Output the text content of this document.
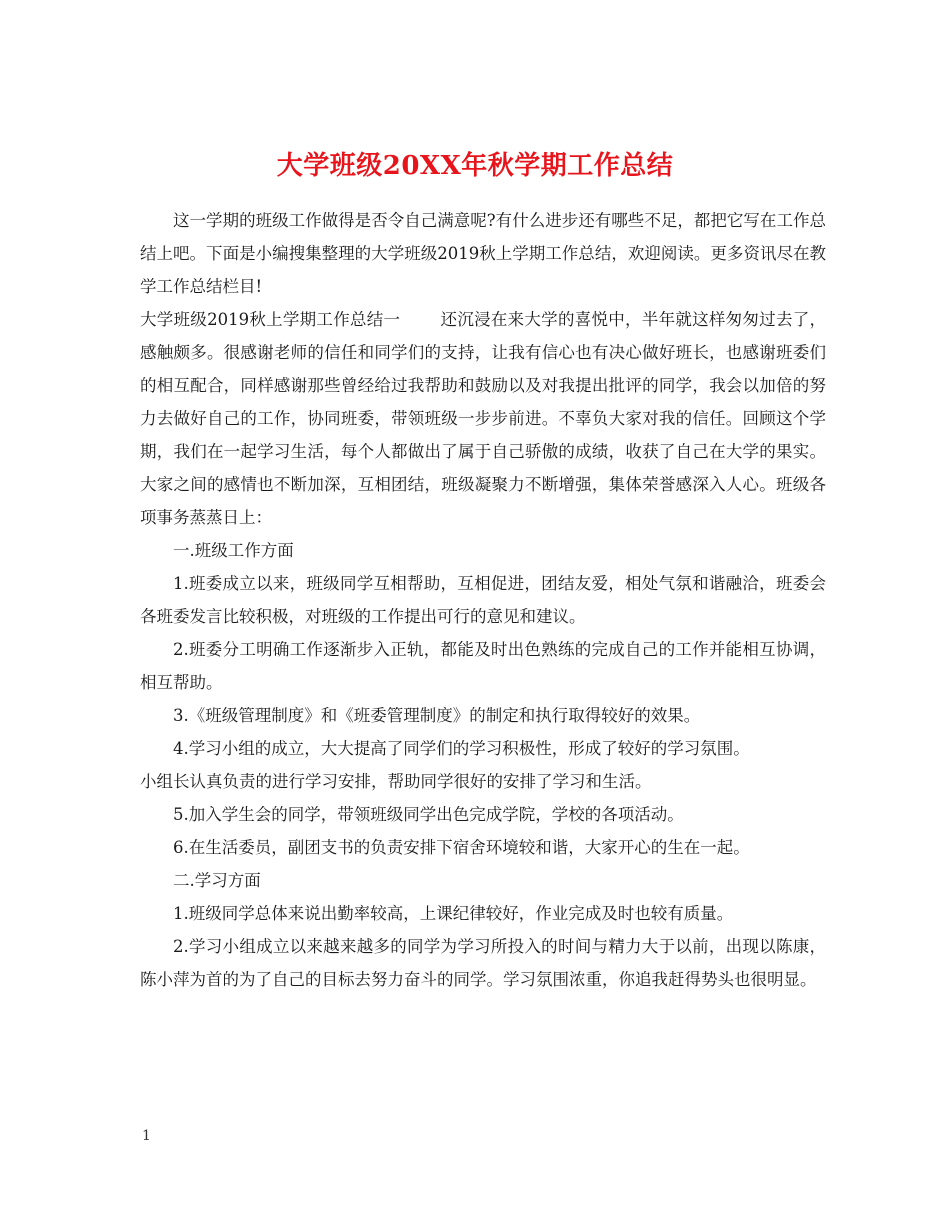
大学班级20XX年秋学期工作总结

这一学期的班级工作做得是否令自己满意呢?有什么进步还有哪些不足，都把它写在工作总结上吧。下面是小编搜集整理的大学班级2019秋上学期工作总结，欢迎阅读。更多资讯尽在教学工作总结栏目!

大学班级2019秋上学期工作总结一 还沉浸在来大学的喜悦中，半年就这样匆匆过去了，感触颇多。很感谢老师的信任和同学们的支持，让我有信心也有决心做好班长，也感谢班委们的相互配合，同样感谢那些曾经给过我帮助和鼓励以及对我提出批评的同学，我会以加倍的努力去做好自己的工作，协同班委，带领班级一步步前进。不辜负大家对我的信任。回顾这个学期，我们在一起学习生活，每个人都做出了属于自己骄傲的成绩，收获了自己在大学的果实。大家之间的感情也不断加深，互相团结，班级凝聚力不断增强，集体荣誉感深入人心。班级各项事务蒸蒸日上：

一.班级工作方面

1.班委成立以来，班级同学互相帮助，互相促进，团结友爱，相处气氛和谐融洽，班委会各班委发言比较积极，对班级的工作提出可行的意见和建议。

2.班委分工明确工作逐渐步入正轨，都能及时出色熟练的完成自己的工作并能相互协调，相互帮助。

3.《班级管理制度》和《班委管理制度》的制定和执行取得较好的效果。

4.学习小组的成立，大大提高了同学们的学习积极性，形成了较好的学习氛围。

小组长认真负责的进行学习安排，帮助同学很好的安排了学习和生活。

5.加入学生会的同学，带领班级同学出色完成学院，学校的各项活动。

6.在生活委员，副团支书的负责安排下宿舍环境较和谐，大家开心的生在一起。

二.学习方面

1.班级同学总体来说出勤率较高，上课纪律较好，作业完成及时也较有质量。

2.学习小组成立以来越来越多的同学为学习所投入的时间与精力大于以前，出现以陈康，陈小萍为首的为了自己的目标去努力奋斗的同学。学习氛围浓重，你追我赶得势头也很明显。

1
